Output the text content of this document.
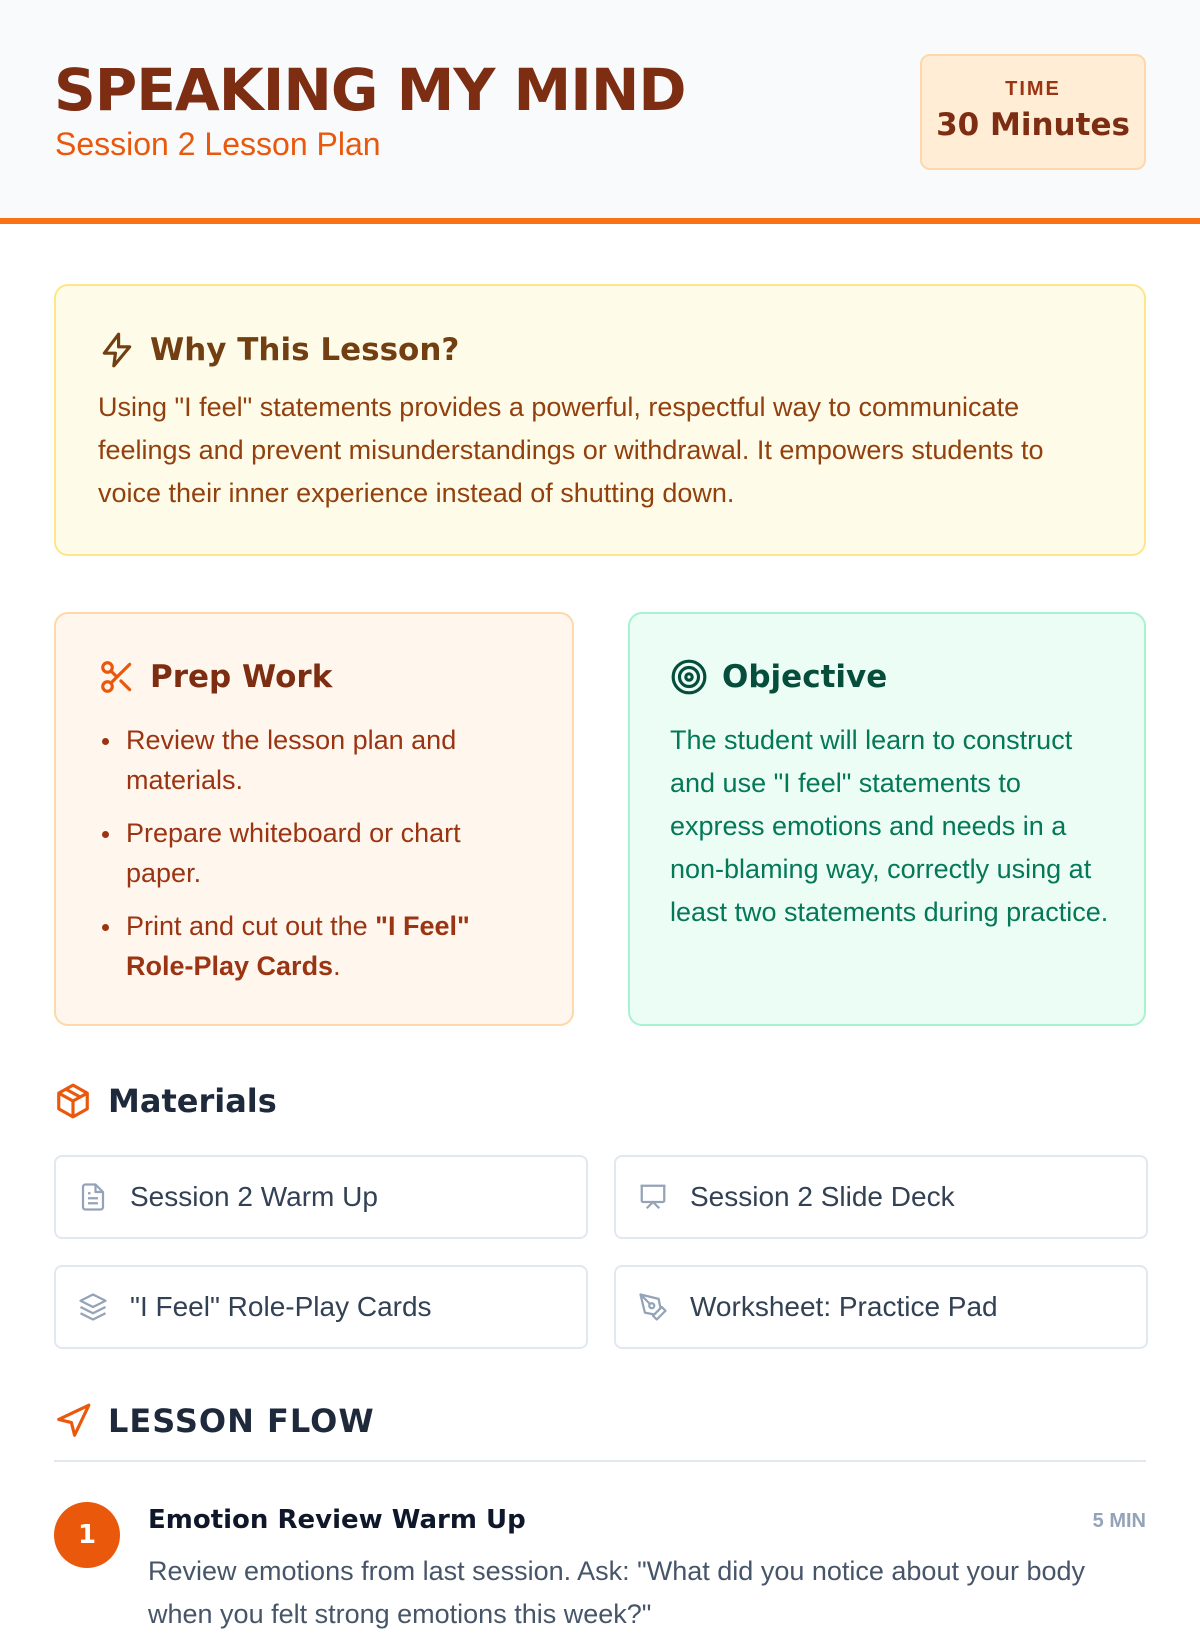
SPEAKING MY MIND
Session 2 Lesson Plan
TIME
30 Minutes
Why This Lesson?
Using "I feel" statements provides a powerful, respectful way to communicate feelings and prevent misunderstandings or withdrawal. It empowers students to voice their inner experience instead of shutting down.
Prep Work
Review the lesson plan and materials.
Prepare whiteboard or chart paper.
Print and cut out the "I Feel" Role-Play Cards.
Objective
The student will learn to construct and use "I feel" statements to express emotions and needs in a non-blaming way, correctly using at least two statements during practice.
Materials
Session 2 Warm Up	Session 2 Slide Deck
"I Feel" Role-Play Cards	Worksheet: Practice Pad
LESSON FLOW
1	Emotion Review Warm Up	5 MIN
Review emotions from last session. Ask: "What did you notice about your body when you felt strong emotions this week?"
